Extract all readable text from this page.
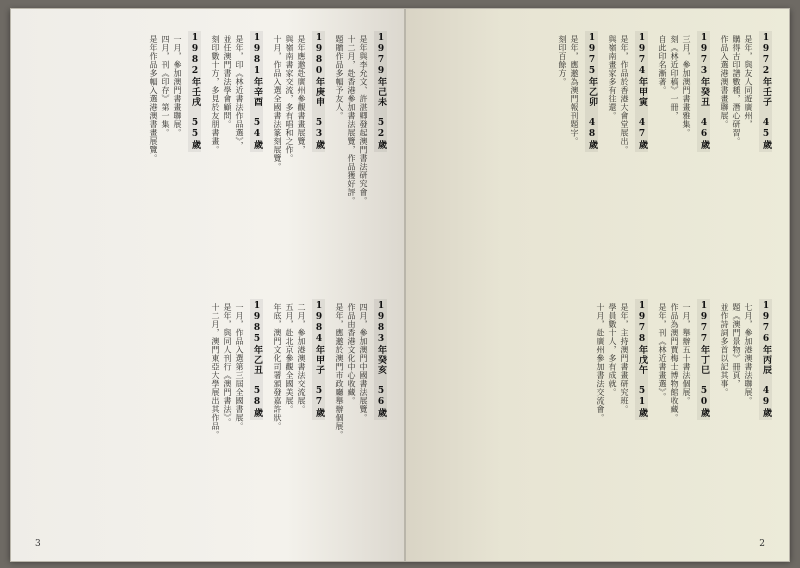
3
1979年己未 52歲
是年與李允文、許湛卿發起澳門書法研究會。
十二月，赴香港參加書法展覽，作品獲好評。
題贈作品多幅予友人。
1980年庚申 53歲
是年應邀赴廣州參觀書畫展覽，
與嶺南書家交流，多有唱和之作。
十月，作品入選全國書法篆刻展覽。
1981年辛酉 54歲
是年，印《林近書法作品選》，
並任澳門書法學會顧問。
刻印數十方，多見於友朋書畫。
1982年壬戌 55歲
一月，參加澳門書畫聯展。
四月，刊《印存》第一集。
是年作品多幅入選港澳書畫展覽。
1983年癸亥 56歲
四月，參加澳門中國書法展覽。
作品由香港文化中心收藏。
是年，應邀於澳門市政廳舉辦個展。
1984年甲子 57歲
二月，參加港澳書法交流展。
五月，赴北京參觀全國美展。
年底，澳門文化司署頒發嘉許狀。
1985年乙丑 58歲
一月，作品入選第三屆全國書展。
是年，與同人刊行《澳門書法》。
十二月，澳門東亞大學展出其作品。
2
1972年壬子 45歲
是年，與友人同遊廣州，
購得古印譜數種，潛心研習。
作品入選港澳書畫聯展。
1973年癸丑 46歲
三月，參加澳門書畫雅集。
刻《林近印稿》一冊，
自此印名漸著。
1974年甲寅 47歲
是年，作品於香港大會堂展出。
與嶺南畫家多有往還。
1975年乙卯 48歲
是年，應邀為澳門報刊題字。
刻印百餘方。
1976年丙辰 49歲
七月，參加港澳書法聯展。
題《澳門景物》冊頁，
並作詩詞多首以記其事。
1977年丁巳 50歲
一月，舉辦五十書法個展。
作品為澳門賈梅士博物館收藏。
是年，刊《林近書畫選》。
1978年戊午 51歲
是年，主持澳門書畫研究班。
學員數十人，多有成就。
十月，赴廣州參加書法交流會。
